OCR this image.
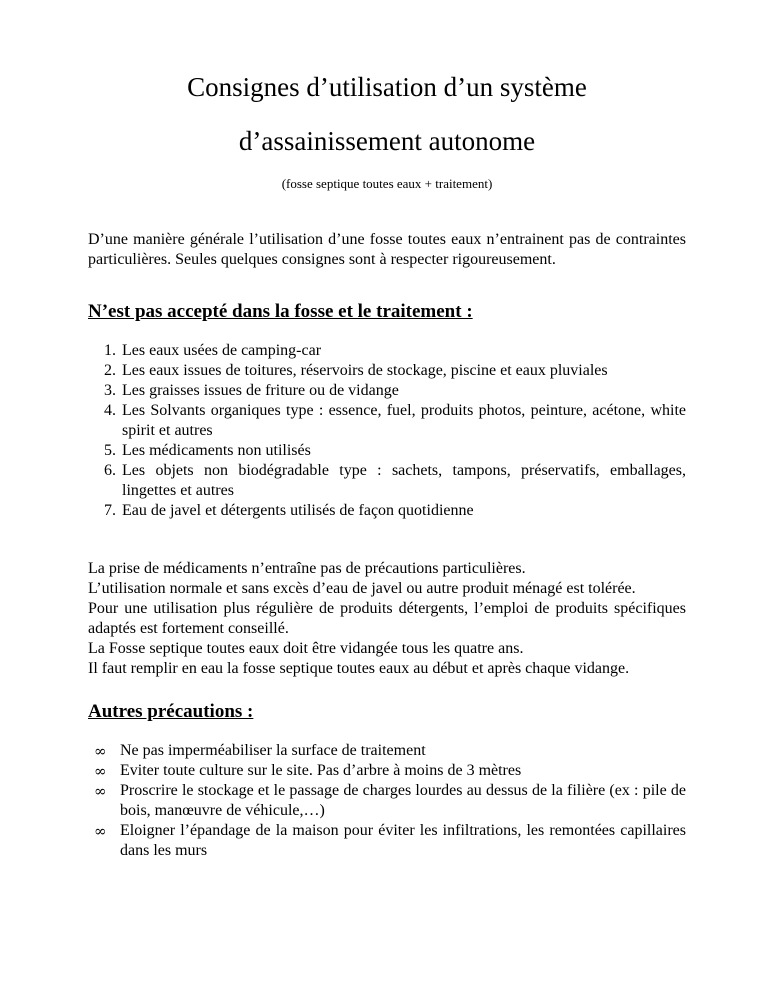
Consignes d’utilisation d’un système
d’assainissement autonome
(fosse septique toutes eaux + traitement)

D’une manière générale l’utilisation d’une fosse toutes eaux n’entrainent pas de contraintes particulières. Seules quelques consignes sont à respecter rigoureusement.

N’est pas accepté dans la fosse et le traitement :
1. Les eaux usées de camping-car
2. Les eaux issues de toitures, réservoirs de stockage, piscine et eaux pluviales
3. Les graisses issues de friture ou de vidange
4. Les Solvants organiques type : essence, fuel, produits photos, peinture, acétone, white spirit et autres
5. Les médicaments non utilisés
6. Les objets non biodégradable type : sachets, tampons, préservatifs, emballages, lingettes et autres
7. Eau de javel et détergents utilisés de façon quotidienne

La prise de médicaments n’entraîne pas de précautions particulières.

L’utilisation normale et sans excès d’eau de javel ou autre produit ménagé est tolérée.

Pour une utilisation plus régulière de produits détergents, l’emploi de produits spécifiques adaptés est fortement conseillé.

La Fosse septique toutes eaux doit être vidangée tous les quatre ans.

Il faut remplir en eau la fosse septique toutes eaux au début et après chaque vidange.

Autres précautions :
∞ Ne pas imperméabiliser la surface de traitement
∞ Eviter toute culture sur le site. Pas d’arbre à moins de 3 mètres
∞ Proscrire le stockage et le passage de charges lourdes au dessus de la filière (ex : pile de bois, manœuvre de véhicule,…)
∞ Eloigner l’épandage de la maison pour éviter les infiltrations, les remontées capillaires dans les murs
